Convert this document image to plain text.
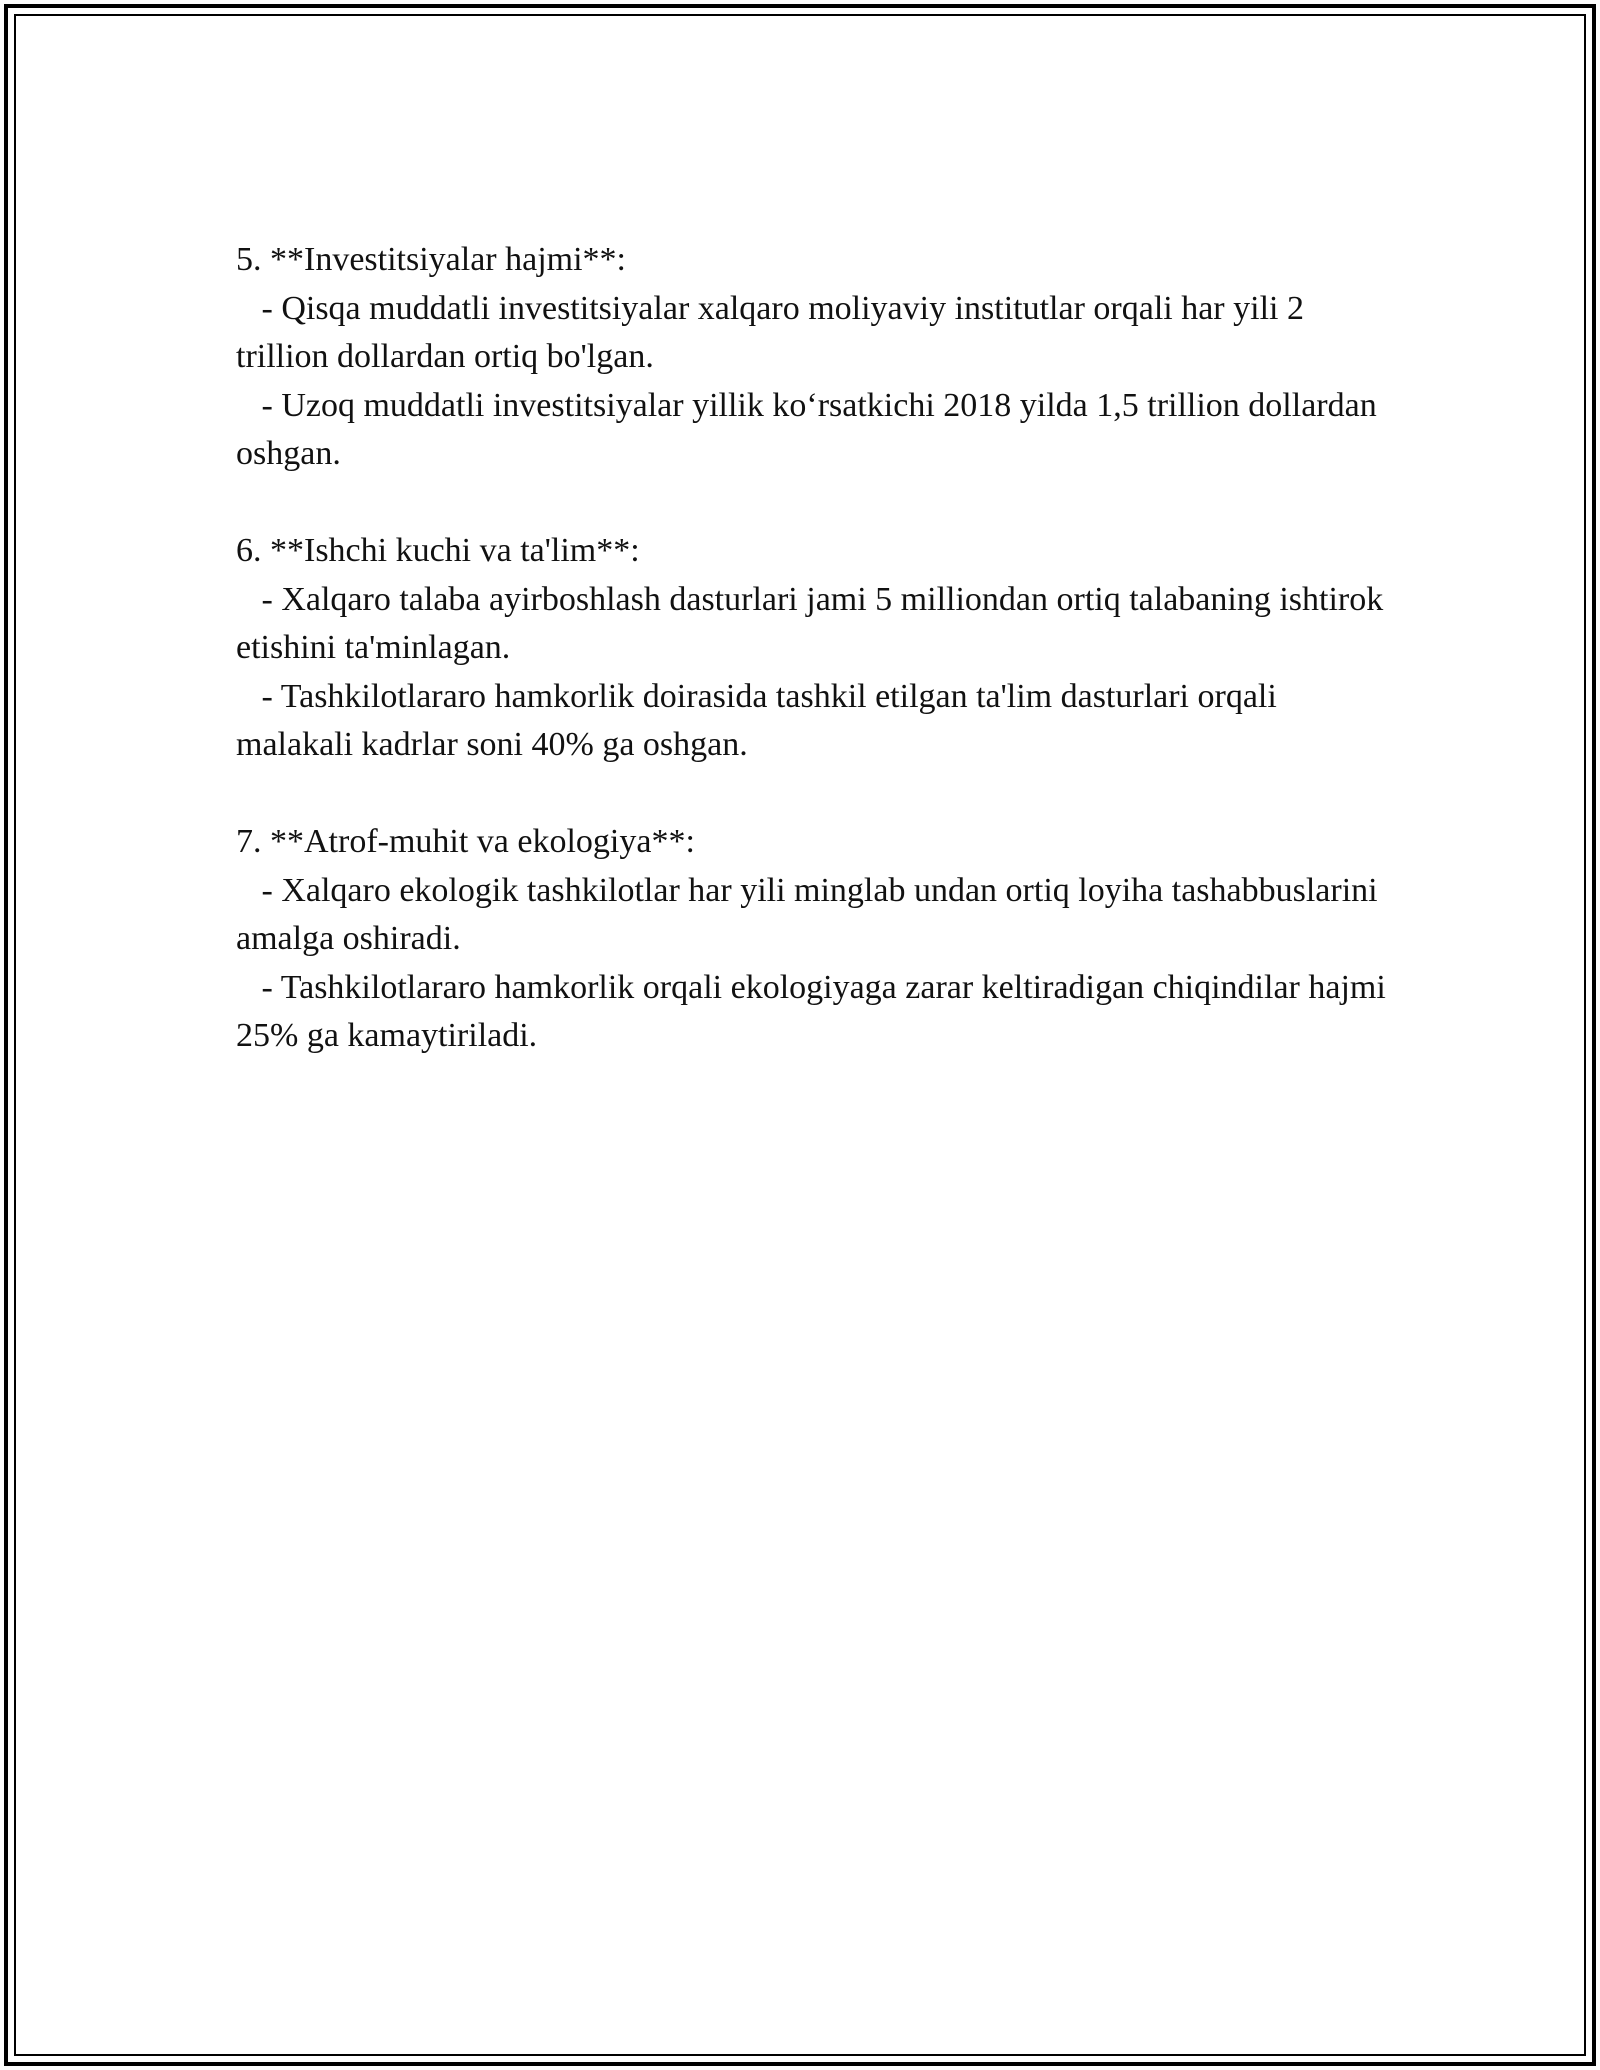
5. **Investitsiyalar hajmi**:

- Qisqa muddatli investitsiyalar xalqaro moliyaviy institutlar orqali har yili 2 trillion dollardan ortiq bo'lgan.

- Uzoq muddatli investitsiyalar yillik ko‘rsatkichi 2018 yilda 1,5 trillion dollardan oshgan.

6. **Ishchi kuchi va ta'lim**:

- Xalqaro talaba ayirboshlash dasturlari jami 5 milliondan ortiq talabaning ishtirok etishini ta'minlagan.

- Tashkilotlararo hamkorlik doirasida tashkil etilgan ta'lim dasturlari orqali malakali kadrlar soni 40% ga oshgan.

7. **Atrof-muhit va ekologiya**:

- Xalqaro ekologik tashkilotlar har yili minglab undan ortiq loyiha tashabbuslarini amalga oshiradi.

- Tashkilotlararo hamkorlik orqali ekologiyaga zarar keltiradigan chiqindilar hajmi 25% ga kamaytiriladi.
